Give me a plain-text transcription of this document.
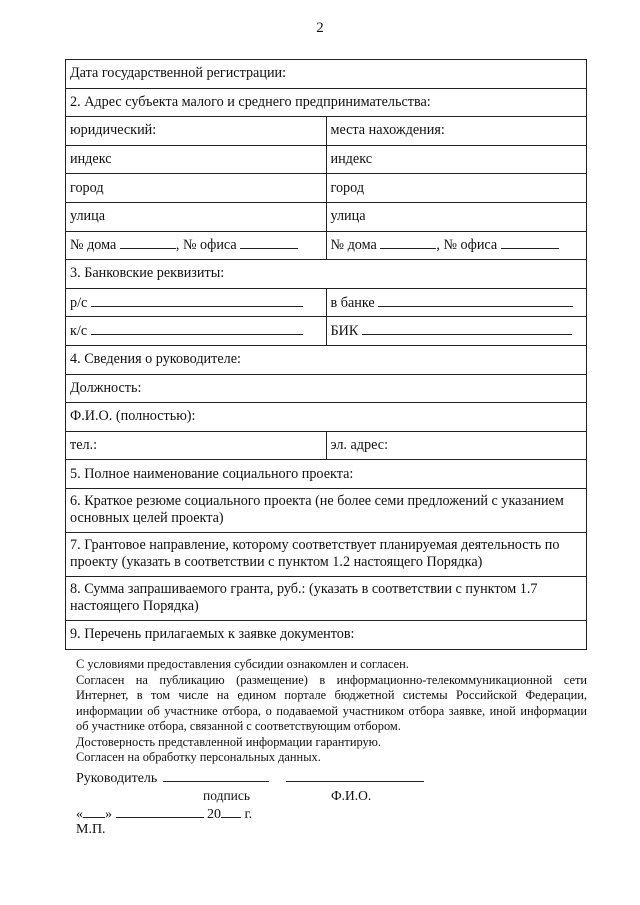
2
Дата государственной регистрации:	
2. Адрес субъекта малого и среднего предпринимательства:	
юридический:	места нахождения:
индекс	индекс
город	город
улица	улица
№ дома , № офиса	№ дома , № офиса
3. Банковские реквизиты:	
р/с	в банке
к/с	БИК
4. Сведения о руководителе:	
Должность:	
Ф.И.О. (полностью):	
тел.:	эл. адрес:
5. Полное наименование социального проекта:	
6. Краткое резюме социального проекта (не более семи предложений с указанием основных целей проекта)	
7. Грантовое направление, которому соответствует планируемая деятельность по проекту (указать в соответствии с пунктом 1.2 настоящего Порядка)	
8. Сумма запрашиваемого гранта, руб.: (указать в соответствии с пунктом 1.7 настоящего Порядка)	
9. Перечень прилагаемых к заявке документов:	

С условиями предоставления субсидии ознакомлен и согласен.

Согласен на публикацию (размещение) в информационно-телекоммуникационной сети Интернет, в том числе на едином портале бюджетной системы Российской Федерации, информации об участнике отбора, о подаваемой участником отбора заявке, иной информации об участнике отбора, связанной с соответствующим отбором.

Достоверность представленной информации гарантирую.

Согласен на обработку персональных данных.

Руководитель
подпись	Ф.И.О.
« »	20 г.
М.П.
